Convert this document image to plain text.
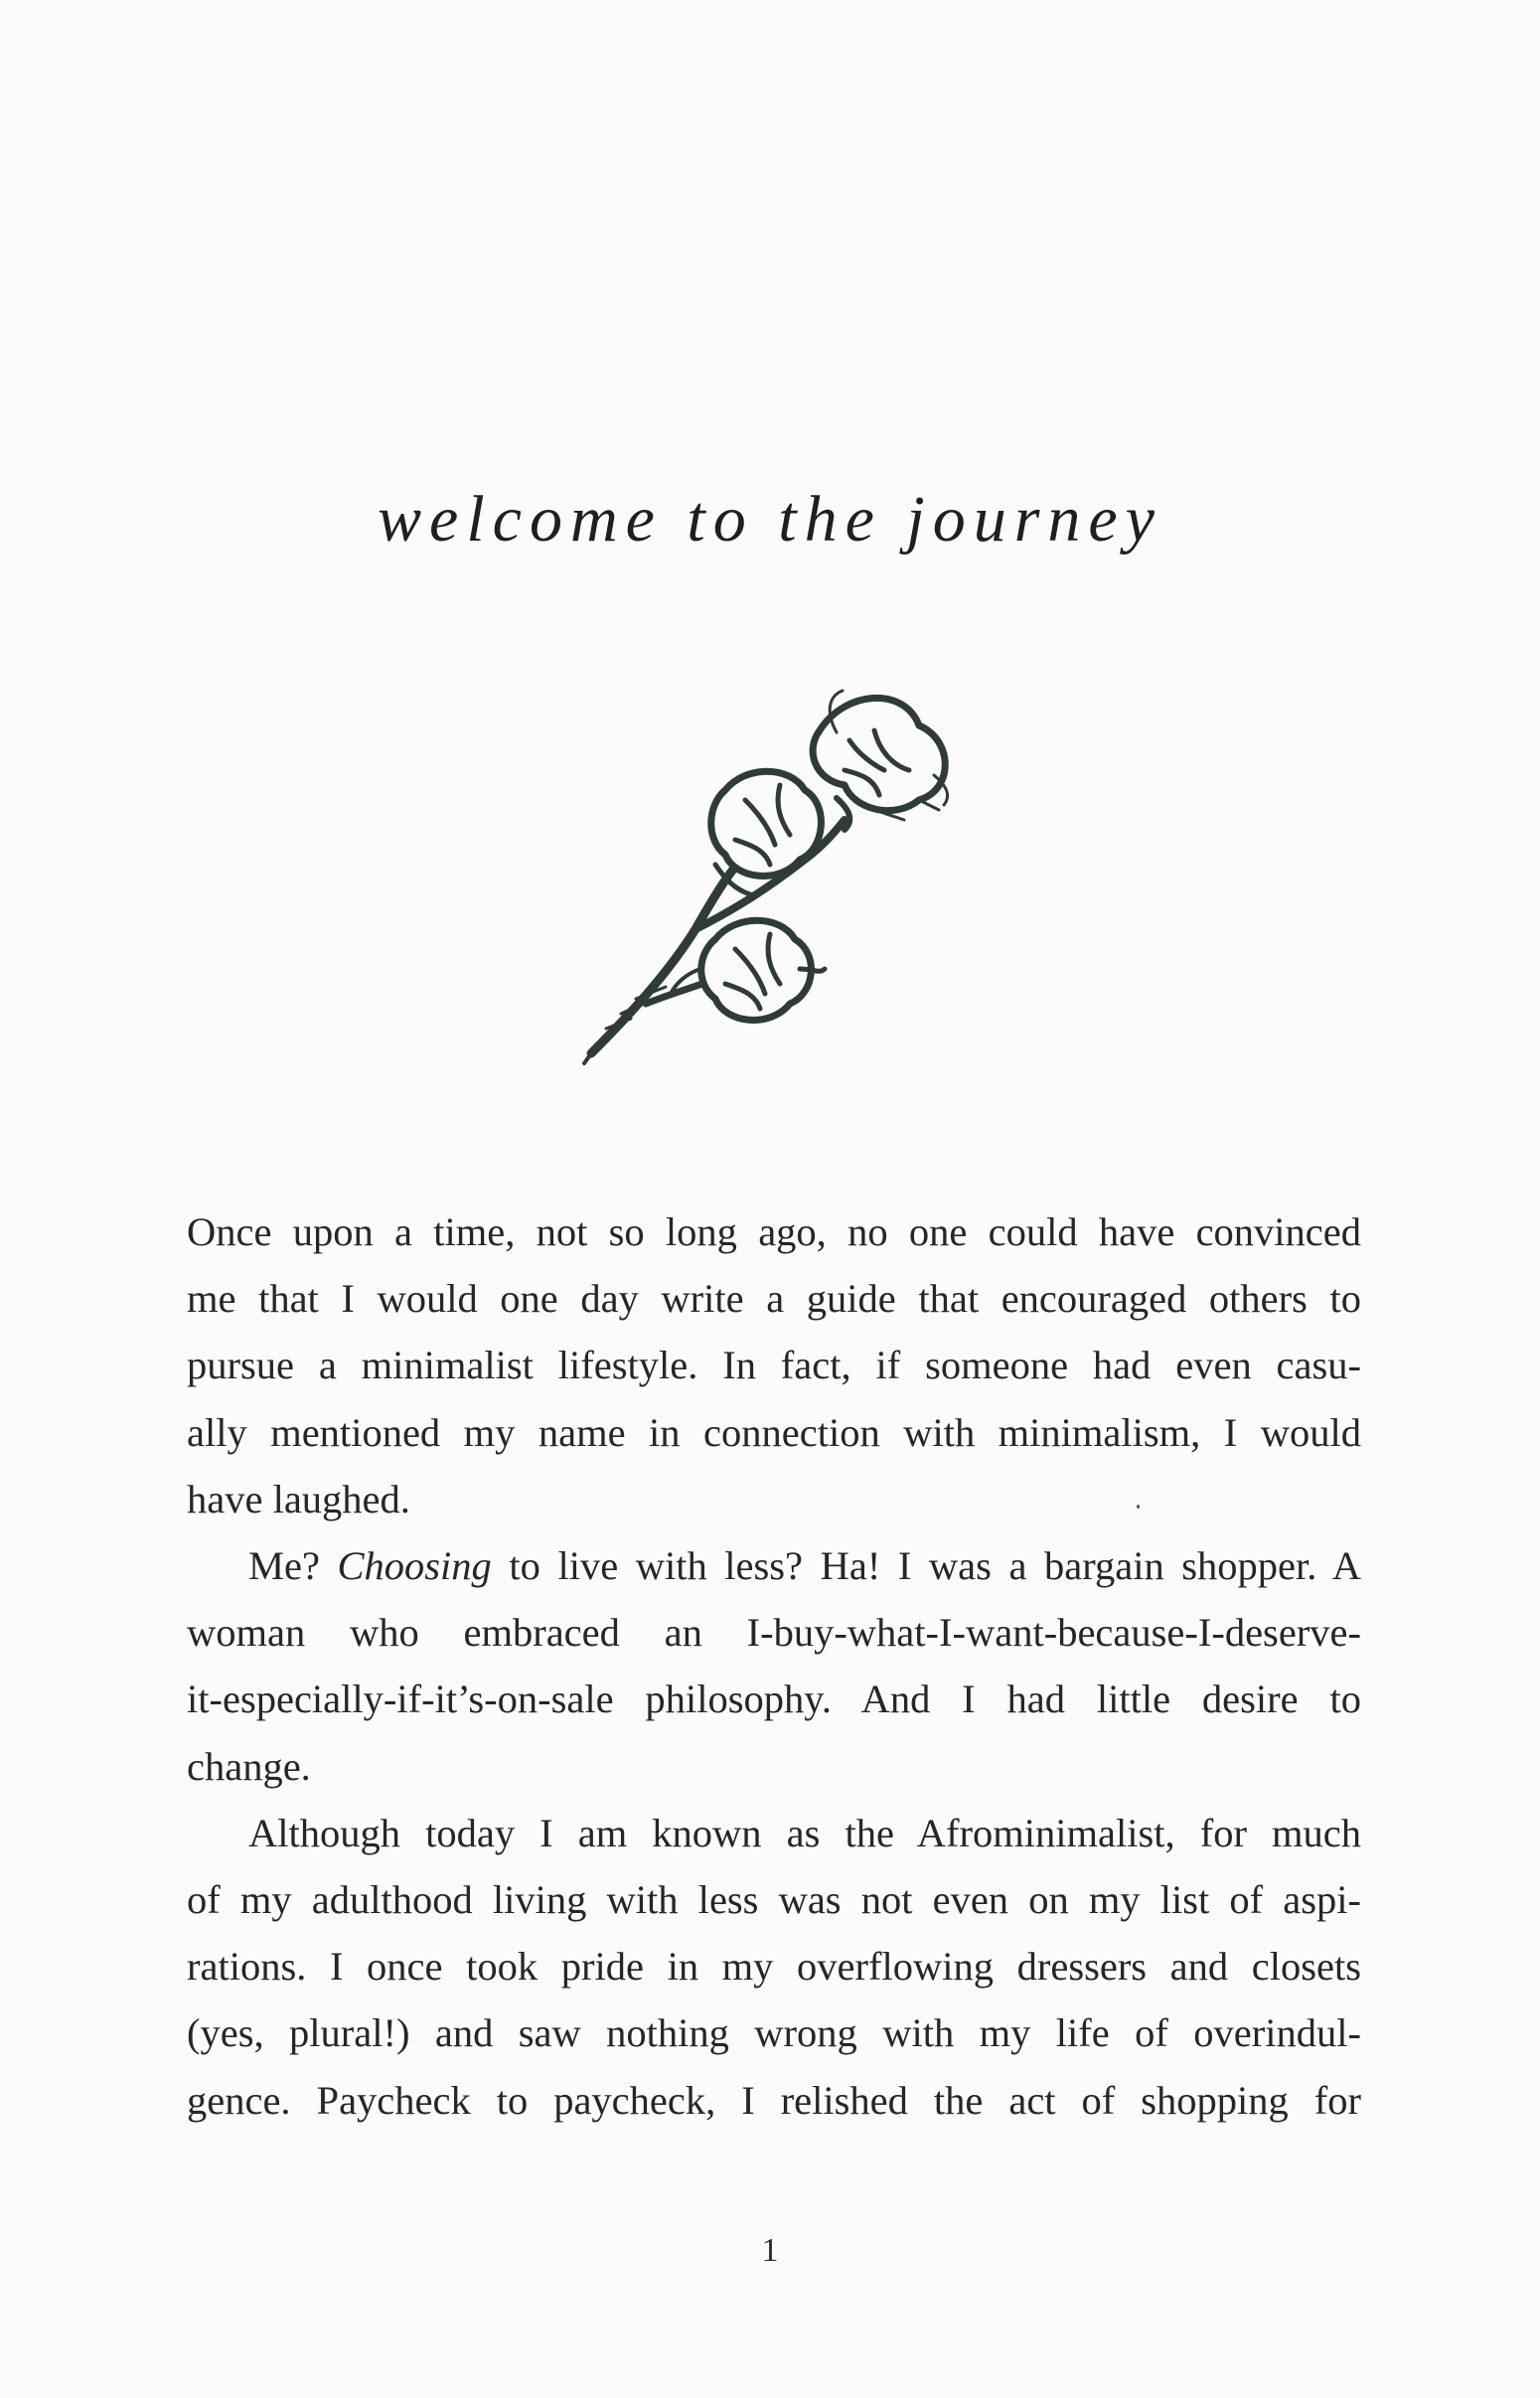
welcome to the journey

Once upon a time, not so long ago, no one could have convinced
me that I would one day write a guide that encouraged others to
pursue a minimalist lifestyle. In fact, if someone had even casu-
ally mentioned my name in connection with minimalism, I would
have laughed.

Me? Choosing to live with less? Ha! I was a bargain shopper. A
woman who embraced an I-buy-what-I-want-because-I-deserve-
it-especially-if-it’s-on-sale philosophy. And I had little desire to
change.

Although today I am known as the Afrominimalist, for much
of my adulthood living with less was not even on my list of aspi-
rations. I once took pride in my overflowing dressers and closets
(yes, plural!) and saw nothing wrong with my life of overindul-
gence. Paycheck to paycheck, I relished the act of shopping for

1
